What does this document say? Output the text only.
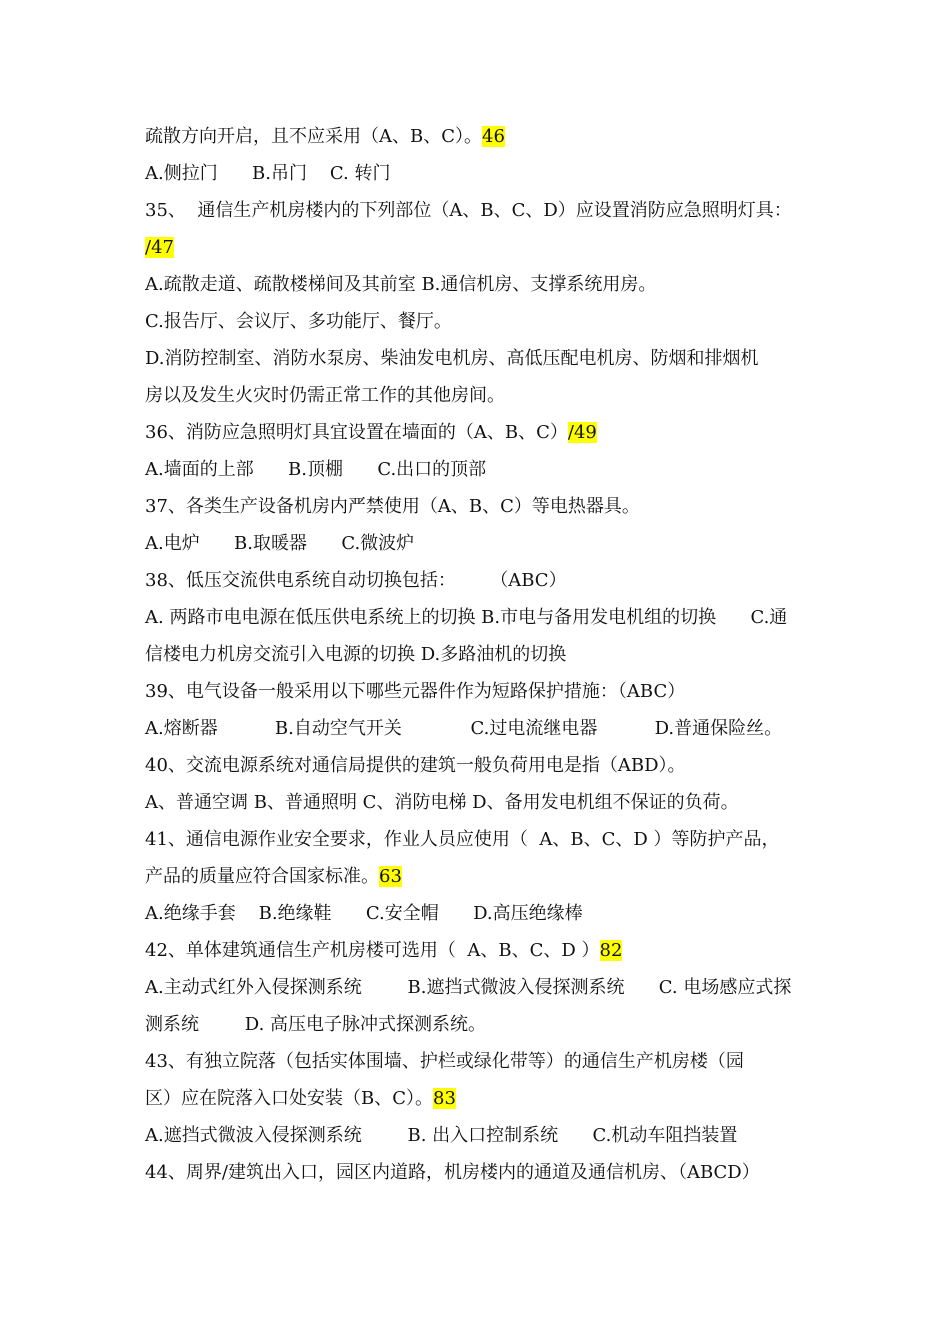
疏散方向开启，且不应采用（A、B、C）。46
A.侧拉门      B.吊门    C. 转门
35、  通信生产机房楼内的下列部位（A、B、C、D）应设置消防应急照明灯具：
/47
A.疏散走道、疏散楼梯间及其前室 B.通信机房、支撑系统用房。
C.报告厅、会议厅、多功能厅、餐厅。
D.消防控制室、消防水泵房、柴油发电机房、高低压配电机房、防烟和排烟机
房以及发生火灾时仍需正常工作的其他房间。
36、消防应急照明灯具宜设置在墙面的（A、B、C）/49
A.墙面的上部      B.顶棚      C.出口的顶部
37、各类生产设备机房内严禁使用（A、B、C）等电热器具。
A.电炉      B.取暖器      C.微波炉
38、低压交流供电系统自动切换包括：      （ABC）
A. 两路市电电源在低压供电系统上的切换 B.市电与备用发电机组的切换      C.通
信楼电力机房交流引入电源的切换 D.多路油机的切换
39、电气设备一般采用以下哪些元器件作为短路保护措施：（ABC）
A.熔断器          B.自动空气开关            C.过电流继电器          D.普通保险丝。
40、交流电源系统对通信局提供的建筑一般负荷用电是指（ABD）。
A、普通空调 B、普通照明 C、消防电梯 D、备用发电机组不保证的负荷。
41、通信电源作业安全要求，作业人员应使用（  A、B、C、D ）等防护产品，
产品的质量应符合国家标准。63
A.绝缘手套    B.绝缘鞋      C.安全帽      D.高压绝缘棒
42、单体建筑通信生产机房楼可选用（  A、B、C、D ）82
A.主动式红外入侵探测系统        B.遮挡式微波入侵探测系统      C. 电场感应式探
测系统        D. 高压电子脉冲式探测系统。
43、有独立院落（包括实体围墙、护栏或绿化带等）的通信生产机房楼（园
区）应在院落入口处安装（B、C）。83
A.遮挡式微波入侵探测系统        B. 出入口控制系统      C.机动车阻挡装置
44、周界/建筑出入口，园区内道路，机房楼内的通道及通信机房、（ABCD）
